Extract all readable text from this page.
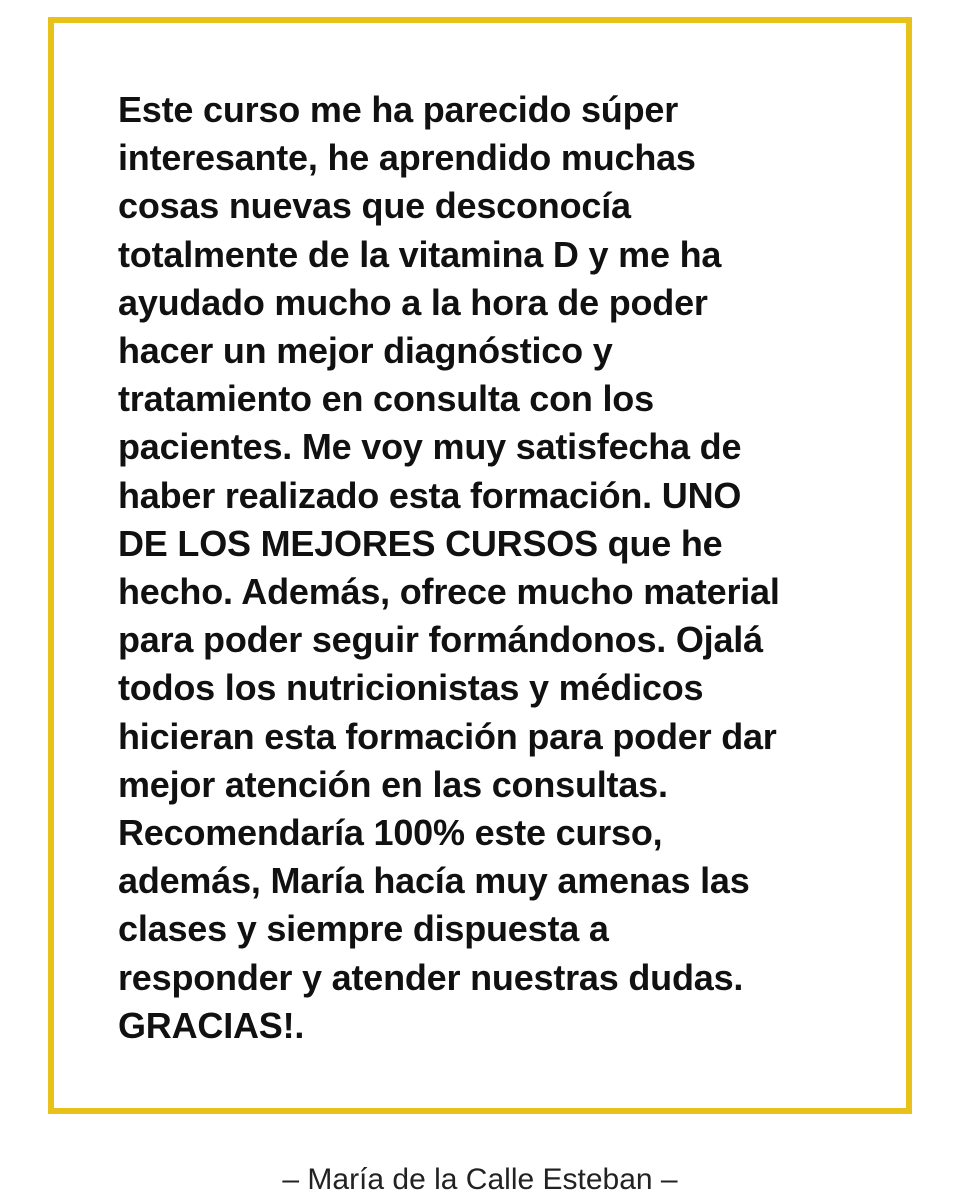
Este curso me ha parecido súper
interesante, he aprendido muchas
cosas nuevas que desconocía
totalmente de la vitamina D y me ha
ayudado mucho a la hora de poder
hacer un mejor diagnóstico y
tratamiento en consulta con los
pacientes. Me voy muy satisfecha de
haber realizado esta formación. UNO
DE LOS MEJORES CURSOS que he
hecho. Además, ofrece mucho material
para poder seguir formándonos. Ojalá
todos los nutricionistas y médicos
hicieran esta formación para poder dar
mejor atención en las consultas.
Recomendaría 100% este curso,
además, María hacía muy amenas las
clases y siempre dispuesta a
responder y atender nuestras dudas.
GRACIAS!.

– María de la Calle Esteban –
